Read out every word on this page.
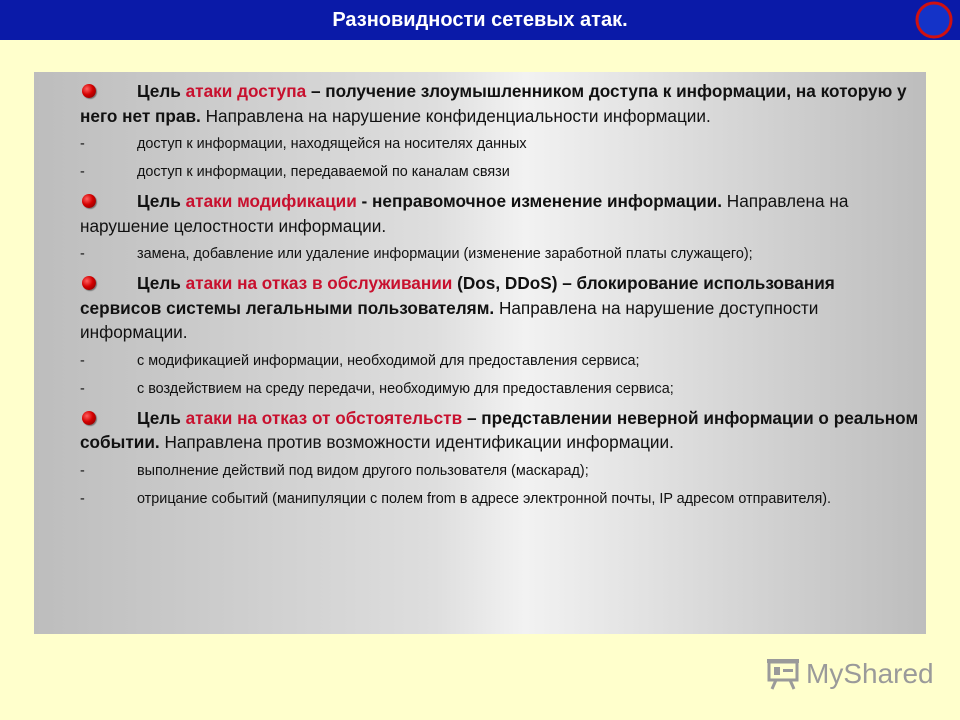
Разновидности сетевых атак.
Цель атаки доступа – получение злоумышленником доступа к информации, на которую у него нет прав. Направлена на нарушение конфиденциальности информации.
-	доступ к информации, находящейся на носителях данных
-	доступ к информации, передаваемой по каналам связи
Цель атаки модификации - неправомочное изменение информации. Направлена на нарушение целостности информации.
-	замена, добавление или удаление информации (изменение заработной платы служащего);
Цель атаки на отказ в обслуживании (Dos, DDoS) – блокирование использования сервисов системы легальными пользователям. Направлена на нарушение доступности информации.
-	с модификацией информации, необходимой для предоставления сервиса;
-	с воздействием на среду передачи, необходимую для предоставления сервиса;
Цель атаки на отказ от обстоятельств – представлении неверной информации о реальном событии. Направлена против возможности идентификации информации.
-	выполнение действий под видом другого пользователя (маскарад);
-	отрицание событий (манипуляции с полем from в адресе электронной почты, IP адресом отправителя).
MyShared
